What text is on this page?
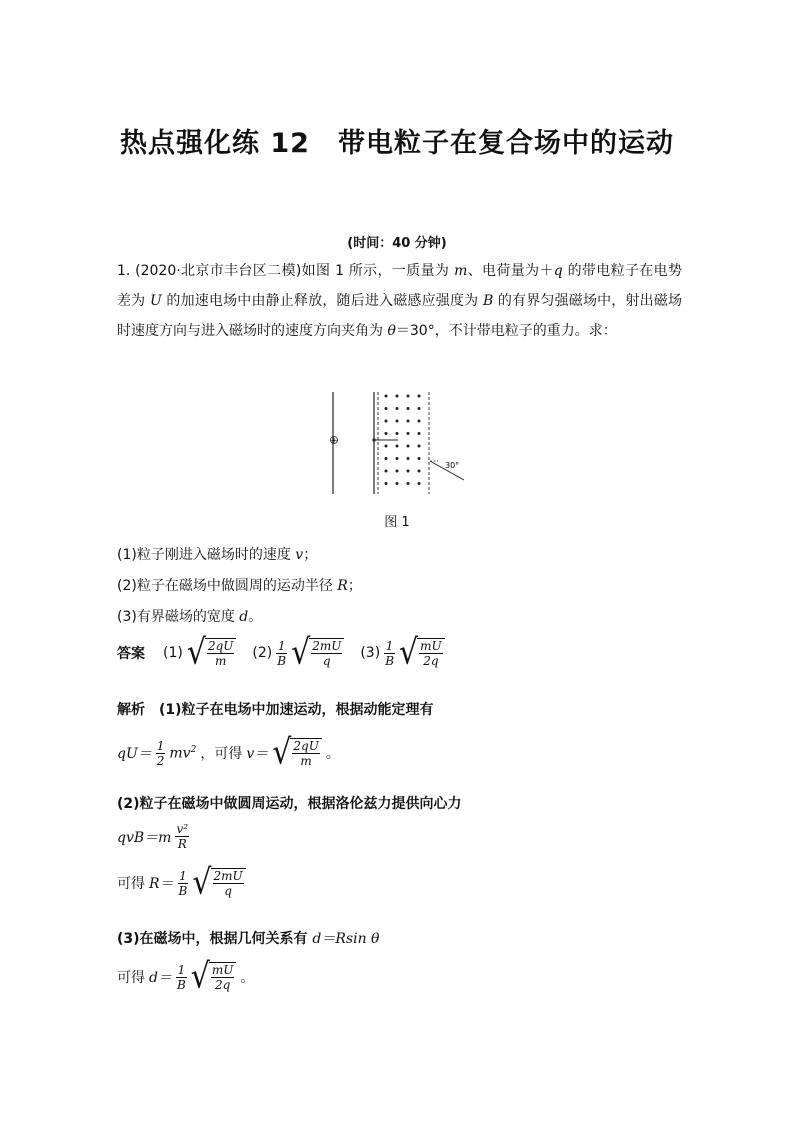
热点强化练 12　带电粒子在复合场中的运动
(时间：40 分钟)
1. (2020·北京市丰台区二模)如图 1 所示，一质量为 m、电荷量为＋q 的带电粒子在电势差为 U 的加速电场中由静止释放，随后进入磁感应强度为 B 的有界匀强磁场中，射出磁场时速度方向与进入磁场时的速度方向夹角为 θ＝30°，不计带电粒子的重力。求：
+
30°
图 1
(1)粒子刚进入磁场时的速度 v；
(2)粒子在磁场中做圆周的运动半径 R；
(3)有界磁场的宽度 d。
答案 (1) √ $\frac{2qU}{m} (2) \frac{1}{B}$ √ $\frac{2mU}{q} (3) \frac{1}{B}$ √ $\frac{mU}{2q}$
解析 (1)粒子在电场中加速运动，根据动能定理有
$qU= \frac{1}{2} mv^2$ ，可得 v＝ √ $\frac{2qU}{m}$ 。
(2)粒子在磁场中做圆周运动，根据洛伦兹力提供向心力
$qvB=m \frac{\text{v²}}{R}$
可得 $R= \frac{1}{B}$ √ $\frac{2mU}{q}$
(3)在磁场中，根据几何关系有 d＝Rsin θ
可得 $d= \frac{1}{B}$ √ $\frac{mU}{2q}$ 。
